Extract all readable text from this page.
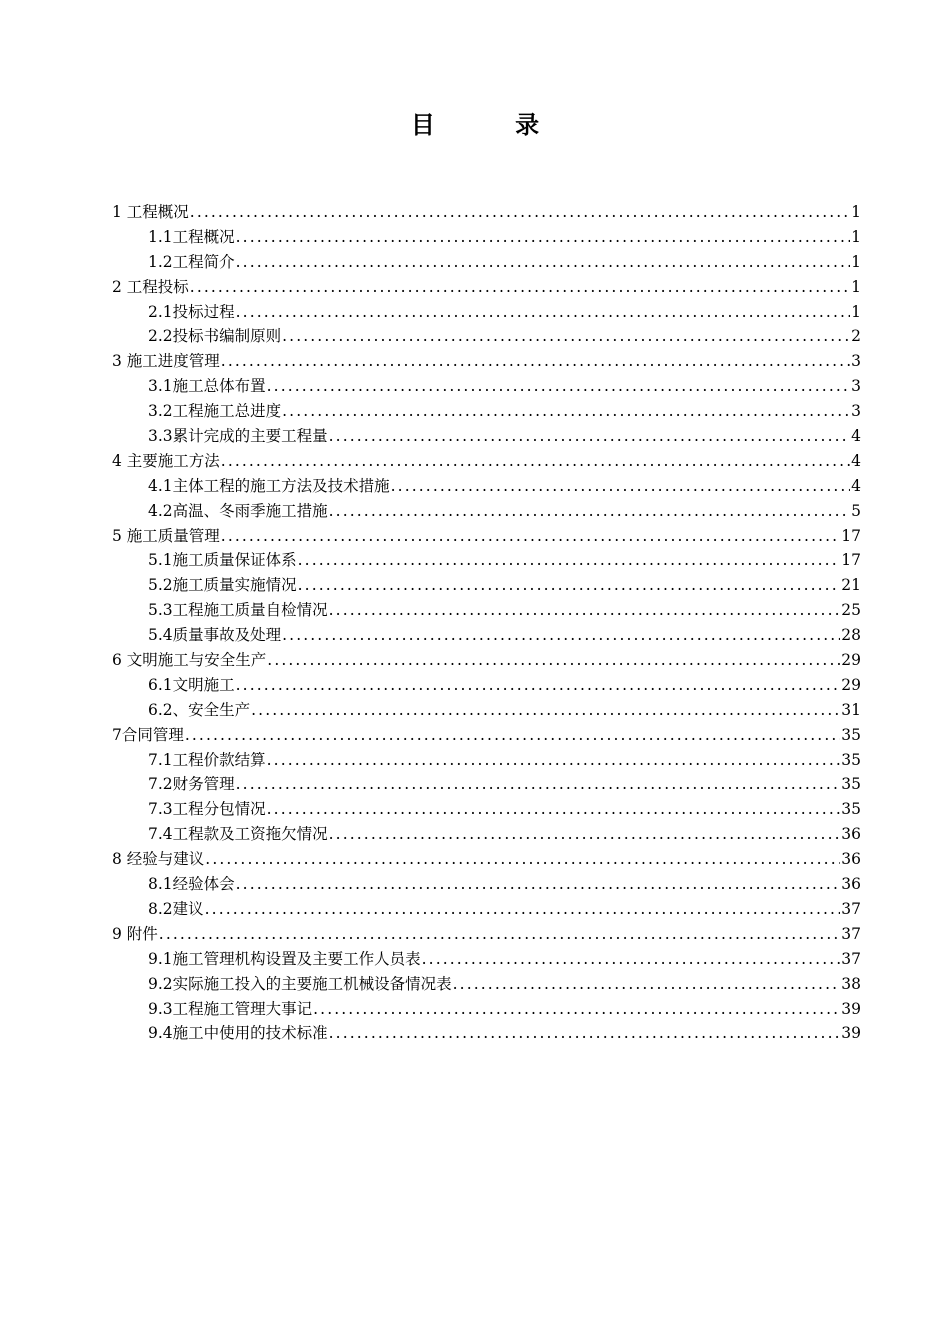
目 录
1 工程概况 .....	1
1.1工程概况 .....	1
1.2工程简介 .....	1
2 工程投标 .....	1
2.1投标过程 .....	1
2.2投标书编制原则 .....	2
3 施工进度管理 .....	3
3.1施工总体布置 .....	3
3.2工程施工总进度 .....	3
3.3累计完成的主要工程量 .....	4
4 主要施工方法 .....	4
4.1主体工程的施工方法及技术措施 .....	4
4.2高温、冬雨季施工措施 .....	5
5 施工质量管理 .....	17
5.1施工质量保证体系 .....	17
5.2施工质量实施情况 .....	21
5.3工程施工质量自检情况 .....	25
5.4质量事故及处理 .....	28
6 文明施工与安全生产 .....	29
6.1文明施工 .....	29
6.2、安全生产 .....	31
7合同管理 .....	35
7.1工程价款结算 .....	35
7.2财务管理 .....	35
7.3工程分包情况 .....	35
7.4工程款及工资拖欠情况 .....	36
8 经验与建议 .....	36
8.1经验体会 .....	36
8.2建议 .....	37
9 附件 .....	37
9.1施工管理机构设置及主要工作人员表 .....	37
9.2实际施工投入的主要施工机械设备情况表 .....	38
9.3工程施工管理大事记 .....	39
9.4施工中使用的技术标准 .....	39
